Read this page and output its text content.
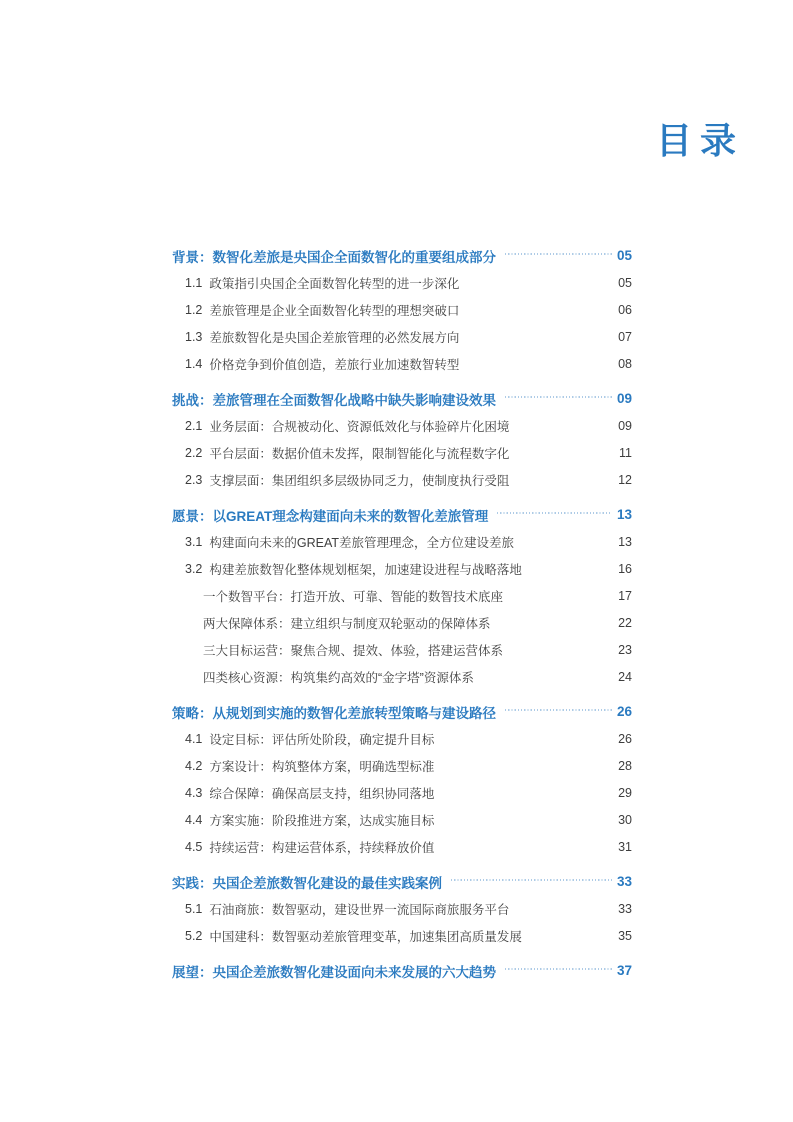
目录
背景：数智化差旅是央国企全面数智化的重要组成部分	05
1.1 政策指引央国企全面数智化转型的进一步深化	05
1.2 差旅管理是企业全面数智化转型的理想突破口	06
1.3 差旅数智化是央国企差旅管理的必然发展方向	07
1.4 价格竞争到价值创造，差旅行业加速数智转型	08
挑战：差旅管理在全面数智化战略中缺失影响建设效果	09
2.1 业务层面：合规被动化、资源低效化与体验碎片化困境	09
2.2 平台层面：数据价值未发挥，限制智能化与流程数字化	11
2.3 支撑层面：集团组织多层级协同乏力，使制度执行受阻	12
愿景：以GREAT理念构建面向未来的数智化差旅管理	13
3.1 构建面向未来的GREAT差旅管理理念，全方位建设差旅	13
3.2 构建差旅数智化整体规划框架，加速建设进程与战略落地	16
一个数智平台：打造开放、可靠、智能的数智技术底座	17
两大保障体系：建立组织与制度双轮驱动的保障体系	22
三大目标运营：聚焦合规、提效、体验，搭建运营体系	23
四类核心资源：构筑集约高效的“金字塔”资源体系	24
策略：从规划到实施的数智化差旅转型策略与建设路径	26
4.1 设定目标：评估所处阶段，确定提升目标	26
4.2 方案设计：构筑整体方案，明确选型标准	28
4.3 综合保障：确保高层支持，组织协同落地	29
4.4 方案实施：阶段推进方案，达成实施目标	30
4.5 持续运营：构建运营体系，持续释放价值	31
实践：央国企差旅数智化建设的最佳实践案例	33
5.1 石油商旅：数智驱动，建设世界一流国际商旅服务平台	33
5.2 中国建科：数智驱动差旅管理变革，加速集团高质量发展	35
展望：央国企差旅数智化建设面向未来发展的六大趋势	37
